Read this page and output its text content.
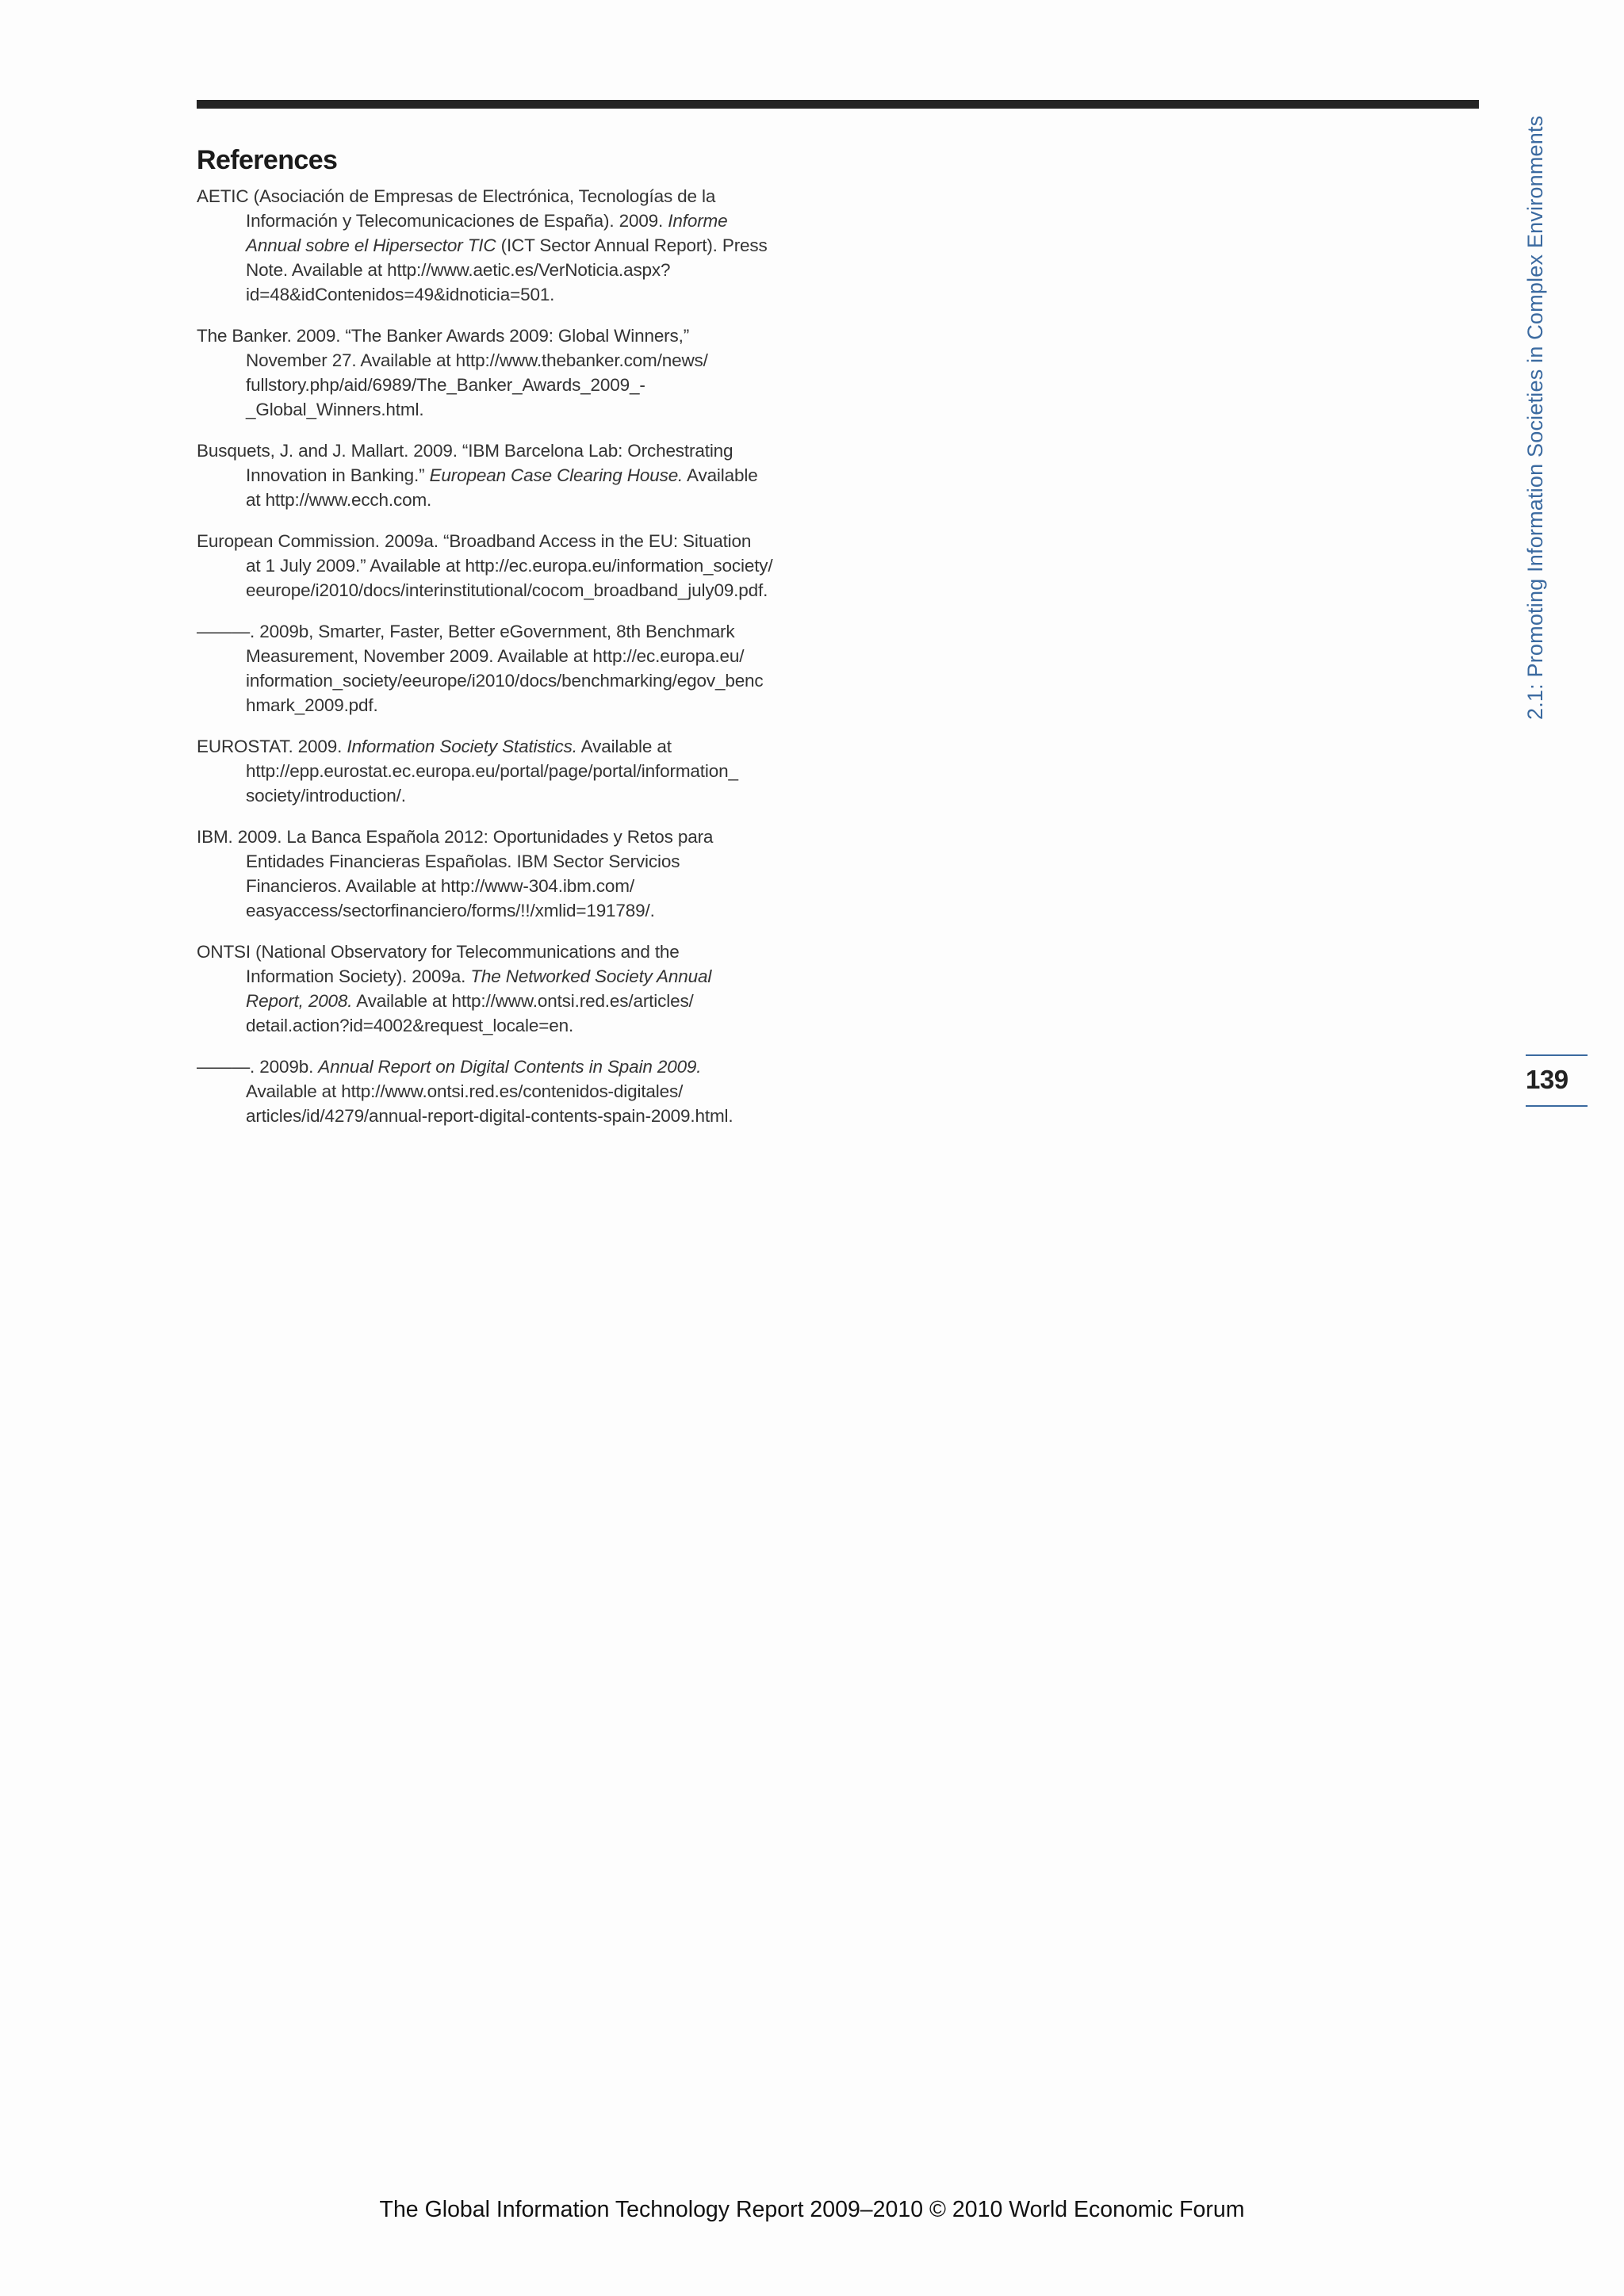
2.1: Promoting Information Societies in Complex Environments
139
References

AETIC (Asociación de Empresas de Electrónica, Tecnologías de la
Información y Telecomunicaciones de España). 2009. Informe
Annual sobre el Hipersector TIC (ICT Sector Annual Report). Press
Note. Available at http://www.aetic.es/VerNoticia.aspx?
id=48&idContenidos=49&idnoticia=501.

The Banker. 2009. “The Banker Awards 2009: Global Winners,”
November 27. Available at http://www.thebanker.com/news/
fullstory.php/aid/6989/The_Banker_Awards_2009_-
_Global_Winners.html.

Busquets, J. and J. Mallart. 2009. “IBM Barcelona Lab: Orchestrating
Innovation in Banking.” European Case Clearing House. Available
at http://www.ecch.com.

European Commission. 2009a. “Broadband Access in the EU: Situation
at 1 July 2009.” Available at http://ec.europa.eu/information_society/
eeurope/i2010/docs/interinstitutional/cocom_broadband_july09.pdf.

———. 2009b, Smarter, Faster, Better eGovernment, 8th Benchmark
Measurement, November 2009. Available at http://ec.europa.eu/
information_society/eeurope/i2010/docs/benchmarking/egov_benc
hmark_2009.pdf.

EUROSTAT. 2009. Information Society Statistics. Available at
http://epp.eurostat.ec.europa.eu/portal/page/portal/information_
society/introduction/.

IBM. 2009. La Banca Española 2012: Oportunidades y Retos para
Entidades Financieras Españolas. IBM Sector Servicios
Financieros. Available at http://www-304.ibm.com/
easyaccess/sectorfinanciero/forms/!!/xmlid=191789/.

ONTSI (National Observatory for Telecommunications and the
Information Society). 2009a. The Networked Society Annual
Report, 2008. Available at http://www.ontsi.red.es/articles/
detail.action?id=4002&request_locale=en.

———. 2009b. Annual Report on Digital Contents in Spain 2009.
Available at http://www.ontsi.red.es/contenidos-digitales/
articles/id/4279/annual-report-digital-contents-spain-2009.html.

The Global Information Technology Report 2009–2010 © 2010 World Economic Forum
